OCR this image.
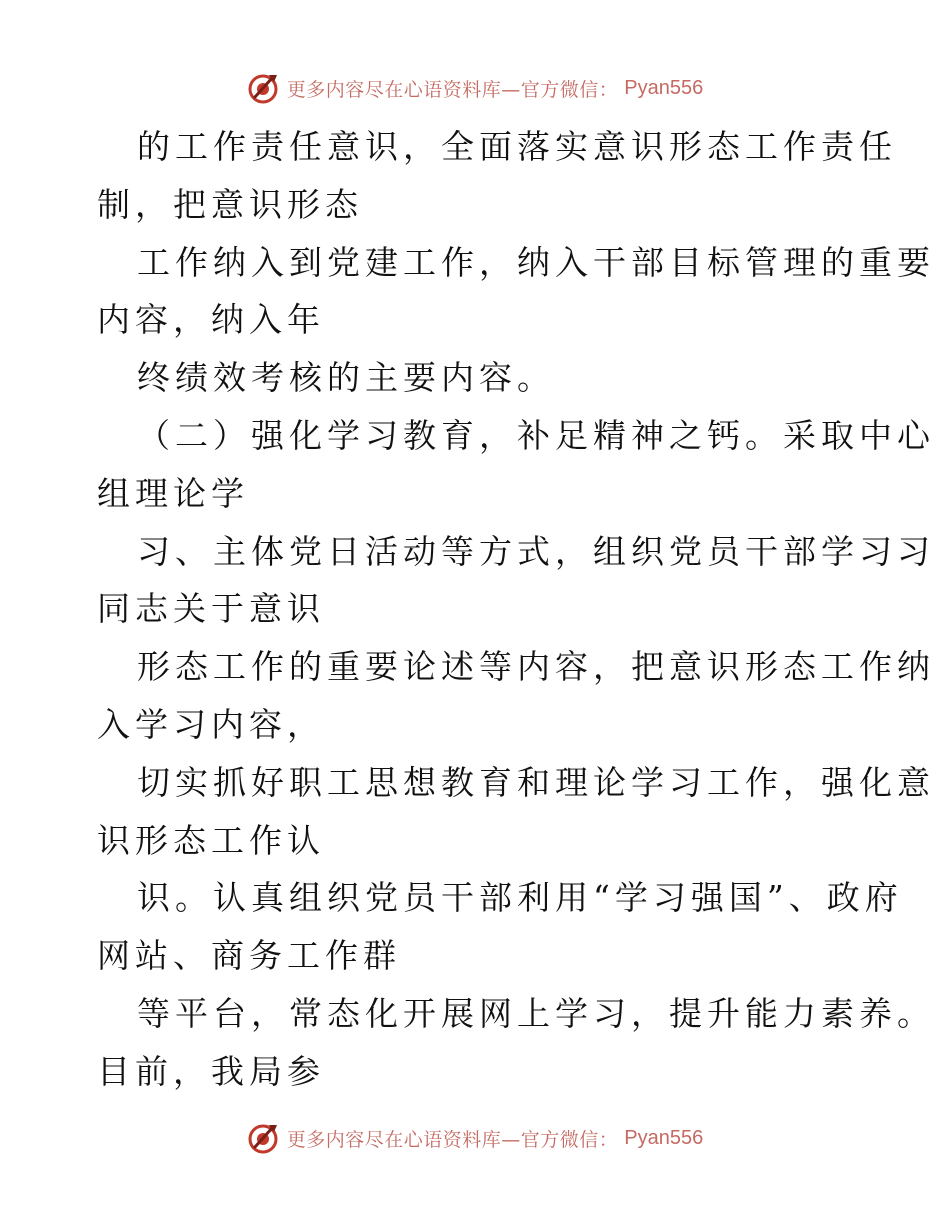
更多内容尽在心语资料库—官方微信： Pyan556
的工作责任意识，全面落实意识形态工作责任
制，把意识形态
工作纳入到党建工作，纳入干部目标管理的重要
内容，纳入年
终绩效考核的主要内容。
（二）强化学习教育，补足精神之钙。采取中心
组理论学
习、主体党日活动等方式，组织党员干部学习习
同志关于意识
形态工作的重要论述等内容，把意识形态工作纳
入学习内容，
切实抓好职工思想教育和理论学习工作，强化意
识形态工作认
识。认真组织党员干部利用“学习强国”、政府
网站、商务工作群
等平台，常态化开展网上学习，提升能力素养。
目前，我局参
更多内容尽在心语资料库—官方微信： Pyan556
